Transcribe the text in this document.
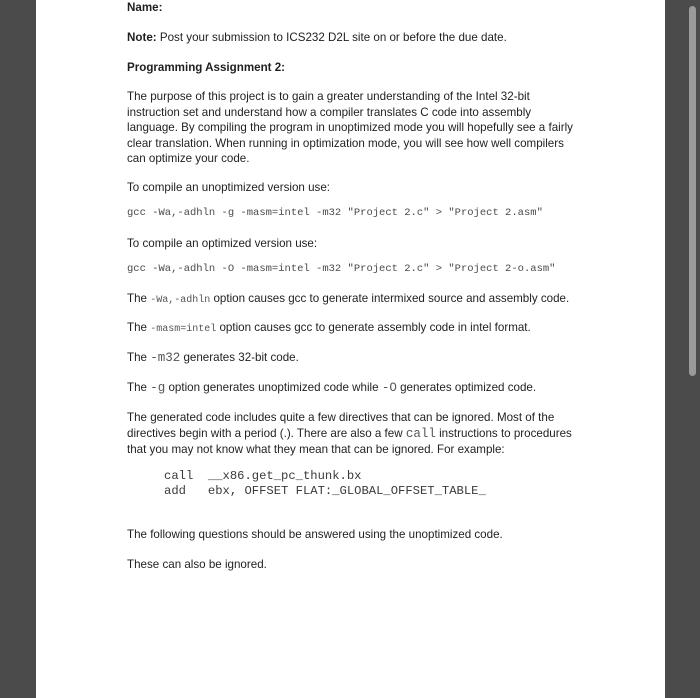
Name:

Note: Post your submission to ICS232 D2L site on or before the due date.

Programming Assignment 2:

The purpose of this project is to gain a greater understanding of the Intel 32-bit instruction set and understand how a compiler translates C code into assembly language. By compiling the program in unoptimized mode you will hopefully see a fairly clear translation. When running in optimization mode, you will see how well compilers can optimize your code.

To compile an unoptimized version use:

gcc -Wa,-adhln -g -masm=intel -m32 "Project 2.c" > "Project 2.asm"

To compile an optimized version use:

gcc -Wa,-adhln -O -masm=intel -m32 "Project 2.c" > "Project 2-o.asm"

The -Wa,-adhln option causes gcc to generate intermixed source and assembly code.

The -masm=intel option causes gcc to generate assembly code in intel format.

The -m32 generates 32-bit code.

The -g option generates unoptimized code while -O generates optimized code.

The generated code includes quite a few directives that can be ignored. Most of the directives begin with a period (.). There are also a few call instructions to procedures that you may not know what they mean that can be ignored. For example:

call  __x86.get_pc_thunk.bx
add   ebx, OFFSET FLAT:_GLOBAL_OFFSET_TABLE_

The following questions should be answered using the unoptimized code.

These can also be ignored.
